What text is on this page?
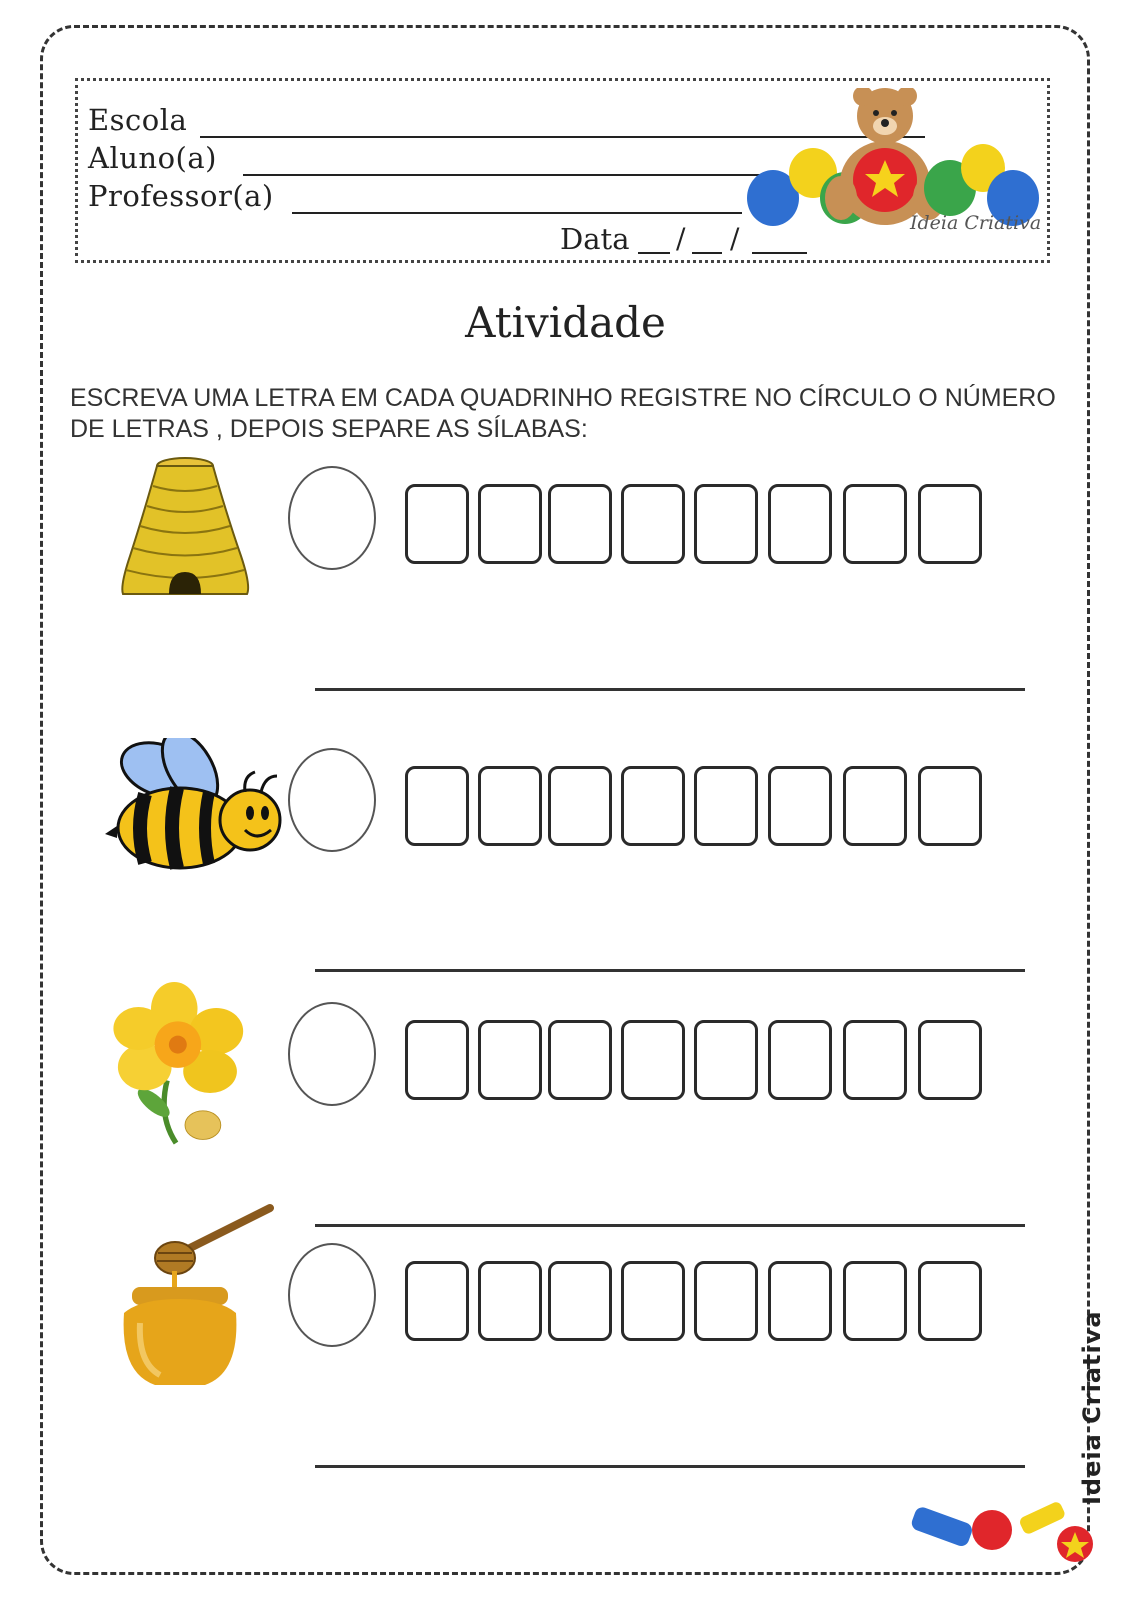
Escola
Aluno(a)
Professor(a)
Data / /	Ideia Criativa
Atividade
ESCREVA UMA LETRA EM CADA QUADRINHO REGISTRE NO CÍRCULO O NÚMERO DE LETRAS , DEPOIS SEPARE AS SÍLABAS:
Ideia Criativa
